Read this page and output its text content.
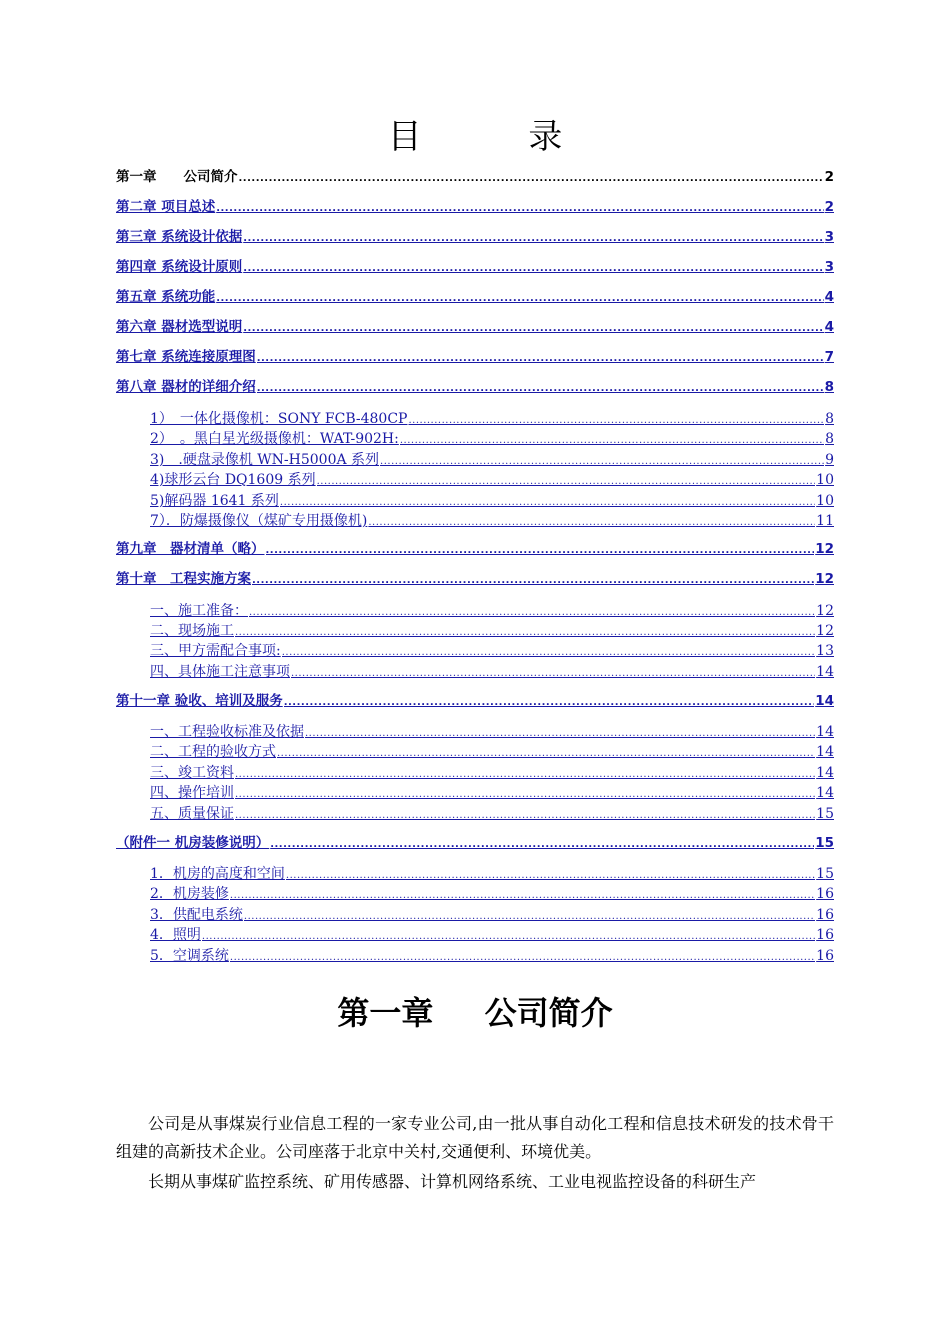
目 录
第一章　　公司简介 .....	2
第二章 项目总述 .....	2
第三章 系统设计依据 .....	3
第四章 系统设计原则 .....	3
第五章 系统功能 .....	4
第六章 器材选型说明 .....	4
第七章 系统连接原理图 .....	7
第八章 器材的详细介绍 .....	8
1）　一体化摄像机：SONY FCB-480CP .....	8
2）　。黑白星光级摄像机：WAT-902H: .....	8
3)　.硬盘录像机 WN-H5000A 系列 .....	9
4)球形云台 DQ1609 系列 .....	10
5)解码器 1641 系列 .....	10
7）．防爆摄像仪（煤矿专用摄像机) .....	11
第九章　器材清单（略） .....	12
第十章　工程实施方案 .....	12
一、施工准备： .....	12
二、现场施工 .....	12
三、甲方需配合事项: .....	13
四、具体施工注意事项 .....	14
第十一章 验收、培训及服务 .....	14
一、工程验收标准及依据 .....	14
二、工程的验收方式 .....	14
三、竣工资料 .....	14
四、操作培训 .....	14
五、质量保证 .....	15
（附件一 机房装修说明） .....	15
1．机房的高度和空间 .....	15
2．机房装修 .....	16
3．供配电系统 .....	16
4．照明 .....	16
5．空调系统 .....	16
第一章 公司简介
公司是从事煤炭行业信息工程的一家专业公司,由一批从事自动化工程和信息技术研发的技术骨干组建的高新技术企业。公司座落于北京中关村,交通便利、环境优美。
长期从事煤矿监控系统、矿用传感器、计算机网络系统、工业电视监控设备的科研生产
